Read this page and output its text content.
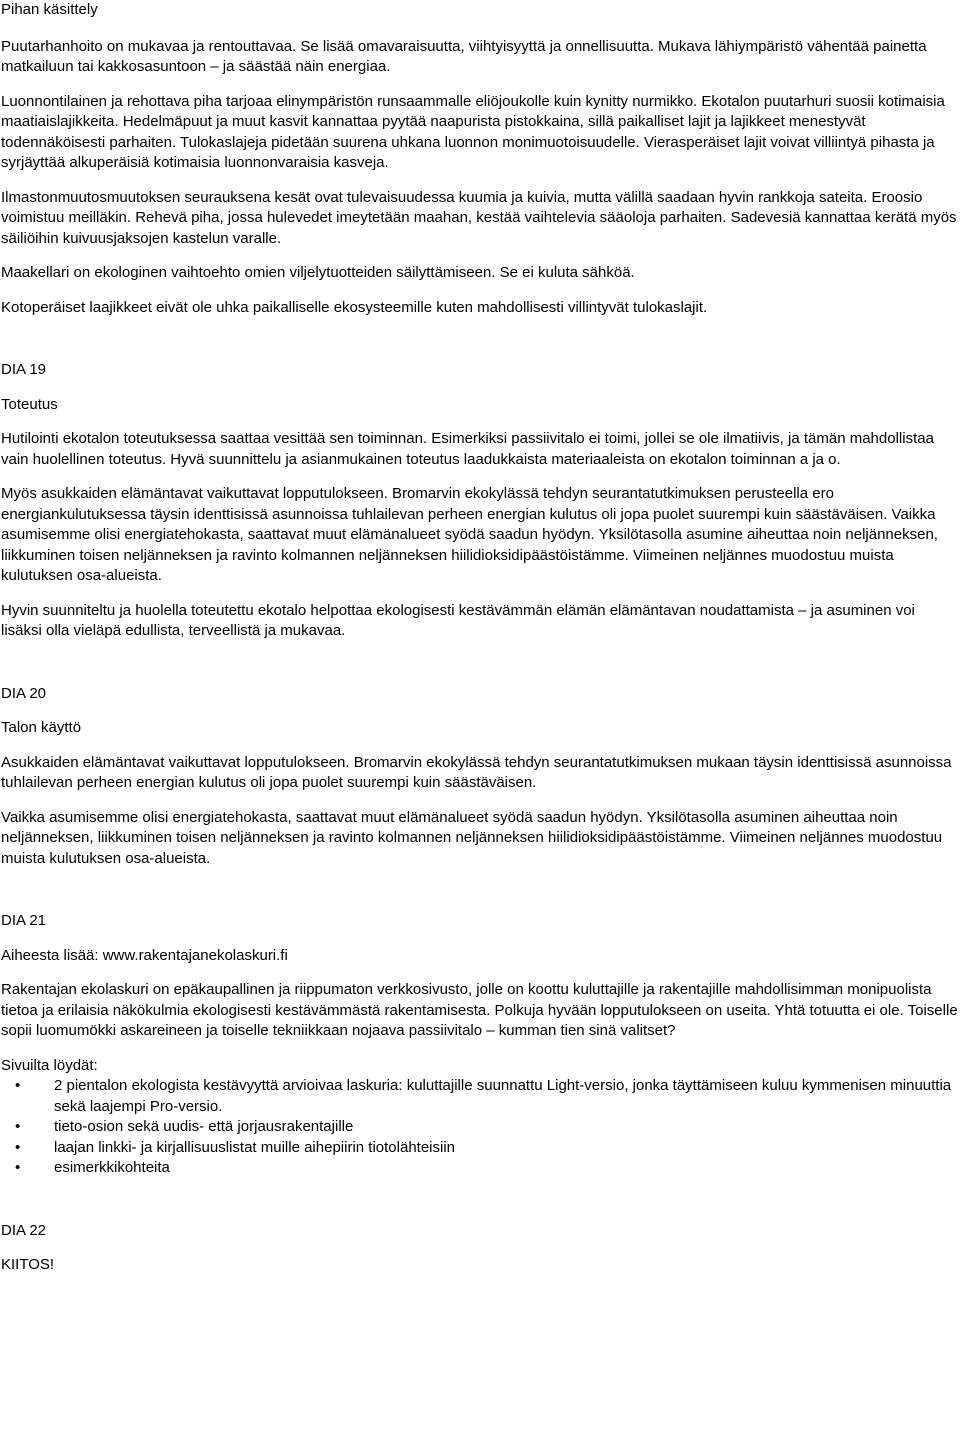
Pihan käsittely

Puutarhanhoito on mukavaa ja rentouttavaa. Se lisää omavaraisuutta, viihtyisyyttä ja onnellisuutta. Mukava lähiympäristö vähentää painetta matkailuun tai kakkosasuntoon – ja säästää näin energiaa.

Luonnontilainen ja rehottava piha tarjoaa elinympäristön runsaammalle eliöjoukolle kuin kynitty nurmikko. Ekotalon puutarhuri suosii kotimaisia maatiaislajikkeita. Hedelmäpuut ja muut kasvit kannattaa pyytää naapurista pistokkaina, sillä paikalliset lajit ja lajikkeet menestyvät todennäköisesti parhaiten. Tulokaslajeja pidetään suurena uhkana luonnon monimuotoisuudelle. Vierasperäiset lajit voivat villiintyä pihasta ja syrjäyttää alkuperäisiä kotimaisia luonnonvaraisia kasveja.

Ilmastonmuutosmuutoksen seurauksena kesät ovat tulevaisuudessa kuumia ja kuivia, mutta välillä saadaan hyvin rankkoja sateita. Eroosio voimistuu meilläkin. Rehevä piha, jossa hulevedet imeytetään maahan, kestää vaihtelevia sääoloja parhaiten. Sadevesiä kannattaa kerätä myös säiliöihin kuivuusjaksojen kastelun varalle.

Maakellari on ekologinen vaihtoehto omien viljelytuotteiden säilyttämiseen. Se ei kuluta sähköä.

Kotoperäiset laajikkeet eivät ole uhka paikalliselle ekosysteemille kuten mahdollisesti villintyvät tulokaslajit.

DIA 19
Toteutus

Hutilointi ekotalon toteutuksessa saattaa vesittää sen toiminnan. Esimerkiksi passiivitalo ei toimi, jollei se ole ilmatiivis, ja tämän mahdollistaa vain huolellinen toteutus. Hyvä suunnittelu ja asianmukainen toteutus laadukkaista materiaaleista on ekotalon toiminnan a ja o.

Myös asukkaiden elämäntavat vaikuttavat lopputulokseen. Bromarvin ekokylässä tehdyn seurantatutkimuksen perusteella ero energiankulutuksessa täysin identtisissä asunnoissa tuhlailevan perheen energian kulutus oli jopa puolet suurempi kuin säästäväisen. Vaikka asumisemme olisi energiatehokasta, saattavat muut elämänalueet syödä saadun hyödyn. Yksilötasolla asumine aiheuttaa noin neljänneksen, liikkuminen toisen neljänneksen ja ravinto kolmannen neljänneksen hiilidioksidipäästöistämme. Viimeinen neljännes muodostuu muista kulutuksen osa-alueista.

Hyvin suunniteltu ja huolella toteutettu ekotalo helpottaa ekologisesti kestävämmän elämän elämäntavan noudattamista – ja asuminen voi lisäksi olla vieläpä edullista, terveellistä ja mukavaa.

DIA 20
Talon käyttö

Asukkaiden elämäntavat vaikuttavat lopputulokseen. Bromarvin ekokylässä tehdyn seurantatutkimuksen mukaan täysin identtisissä asunnoissa tuhlailevan perheen energian kulutus oli jopa puolet suurempi kuin säästäväisen.

Vaikka asumisemme olisi energiatehokasta, saattavat muut elämänalueet syödä saadun hyödyn. Yksilötasolla asuminen aiheuttaa noin neljänneksen, liikkuminen toisen neljänneksen ja ravinto kolmannen neljänneksen hiilidioksidipäästöistämme. Viimeinen neljännes muodostuu muista kulutuksen osa-alueista.

DIA 21
Aiheesta lisää: www.rakentajanekolaskuri.fi

Rakentajan ekolaskuri on epäkaupallinen ja riippumaton verkkosivusto, jolle on koottu kuluttajille ja rakentajille mahdollisimman monipuolista tietoa ja erilaisia näkökulmia ekologisesti kestävämmästä rakentamisesta. Polkuja hyvään lopputulokseen on useita. Yhtä totuutta ei ole. Toiselle sopii luomumökki askareineen ja toiselle tekniikkaan nojaava passiivitalo – kumman tien sinä valitset?

Sivuilta löydät:
• 2 pientalon ekologista kestävyyttä arvioivaa laskuria: kuluttajille suunnattu Light-versio, jonka täyttämiseen kuluu kymmenisen minuuttia sekä laajempi Pro-versio.
• tieto-osion sekä uudis- että jorjausrakentajille
• laajan linkki- ja kirjallisuuslistat muille aihepiirin tiotolähteisiin
• esimerkkikohteita
DIA 22
KIITOS!
